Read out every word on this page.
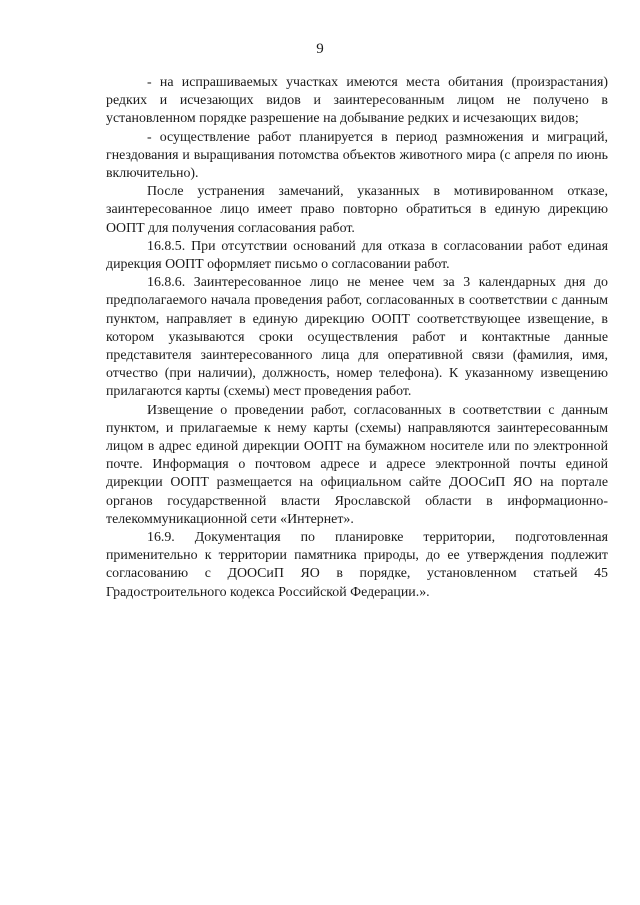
9

- на испрашиваемых участках имеются места обитания (произрастания) редких и исчезающих видов и заинтересованным лицом не получено в установленном порядке разрешение на добывание редких и исчезающих видов;

- осуществление работ планируется в период размножения и миграций, гнездования и выращивания потомства объектов животного мира (с апреля по июнь включительно).

После устранения замечаний, указанных в мотивированном отказе, заинтересованное лицо имеет право повторно обратиться в единую дирекцию ООПТ для получения согласования работ.

16.8.5. При отсутствии оснований для отказа в согласовании работ единая дирекция ООПТ оформляет письмо о согласовании работ.

16.8.6. Заинтересованное лицо не менее чем за 3 календарных дня до предполагаемого начала проведения работ, согласованных в соответствии с данным пунктом, направляет в единую дирекцию ООПТ соответствующее извещение, в котором указываются сроки осуществления работ и контактные данные представителя заинтересованного лица для оперативной связи (фамилия, имя, отчество (при наличии), должность, номер телефона). К указанному извещению прилагаются карты (схемы) мест проведения работ.

Извещение о проведении работ, согласованных в соответствии с данным пунктом, и прилагаемые к нему карты (схемы) направляются заинтересованным лицом в адрес единой дирекции ООПТ на бумажном носителе или по электронной почте. Информация о почтовом адресе и адресе электронной почты единой дирекции ООПТ размещается на официальном сайте ДООСиП ЯО на портале органов государственной власти Ярославской области в информационно-телекоммуникационной сети «Интернет».

16.9. Документация по планировке территории, подготовленная применительно к территории памятника природы, до ее утверждения подлежит согласованию с ДООСиП ЯО в порядке, установленном статьей 45 Градостроительного кодекса Российской Федерации.».
